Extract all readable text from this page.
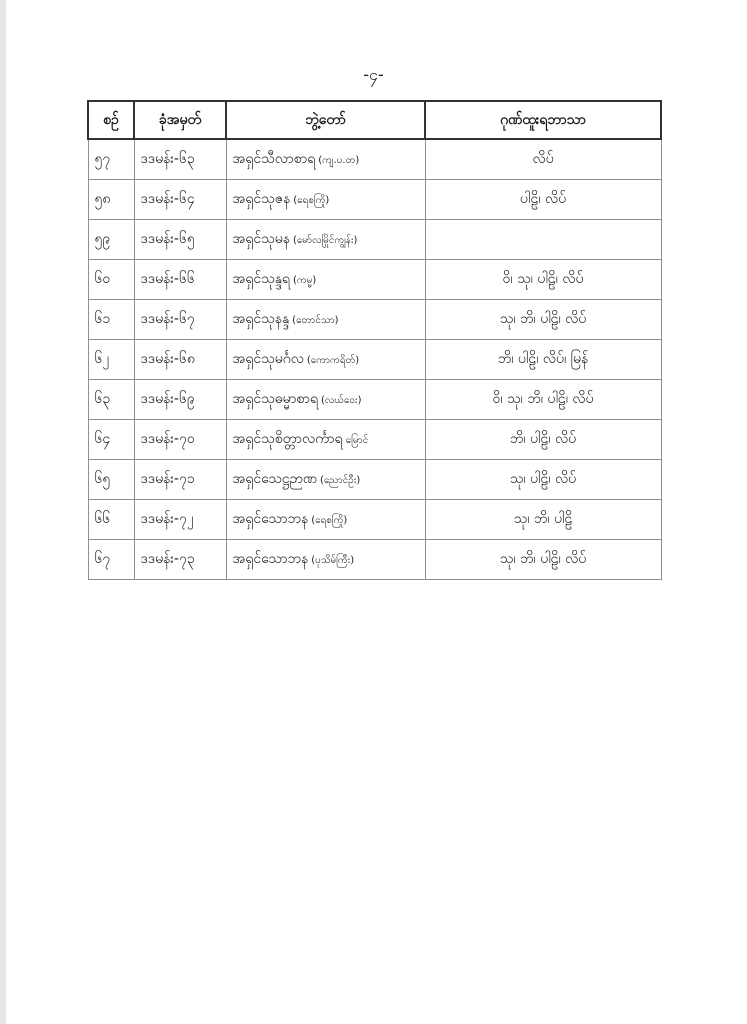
-၄-
စဉ်	ခုံအမှတ်	ဘွဲ့တော်	ဂုဏ်ထူးရဘာသာ
၅၇	ဒဒမန်း-၆၃	အရှင်သီလာစာရ (ကျ.ပ.တ)	လိပ်
၅၈	ဒဒမန်း-၆၄	အရှင်သုဇန (ရေစကြို)	ပါဠိ၊ လိပ်
၅၉	ဒဒမန်း-၆၅	အရှင်သုမန (မော်လမြိုင်ကျွန်း)	
၆၀	ဒဒမန်း-၆၆	အရှင်သုန္ဒရ (ကမ္မ)	ဝိ၊ သု၊ ပါဠိ၊ လိပ်
၆၁	ဒဒမန်း-၆၇	အရှင်သုနန္ဒ (တောင်သာ)	သု၊ ဘိ၊ ပါဠိ၊ လိပ်
၆၂	ဒဒမန်း-၆၈	အရှင်သုမင်္ဂလ (ကောကရိတ်)	ဘိ၊ ပါဠိ၊ လိပ်၊ မြန်
၆၃	ဒဒမန်း-၆၉	အရှင်သုဓမ္မာစာရ (လယ်ဝေး)	ဝိ၊ သု၊ ဘိ၊ ပါဠိ၊ လိပ်
၆၄	ဒဒမန်း-၇၀	အရှင်သုစိတ္တာလင်္ကာရ မြောင်	ဘိ၊ ပါဠိ၊ လိပ်
၆၅	ဒဒမန်း-၇၁	အရှင်သေဋ္ဌဉာဏ (ညောင်ဦး)	သု၊ ပါဠိ၊ လိပ်
၆၆	ဒဒမန်း-၇၂	အရှင်သောဘန (ရေစကြို)	သု၊ ဘိ၊ ပါဠိ
၆၇	ဒဒမန်း-၇၃	အရှင်သောဘန (ပုသိမ်ကြီး)	သု၊ ဘိ၊ ပါဠိ၊ လိပ်
